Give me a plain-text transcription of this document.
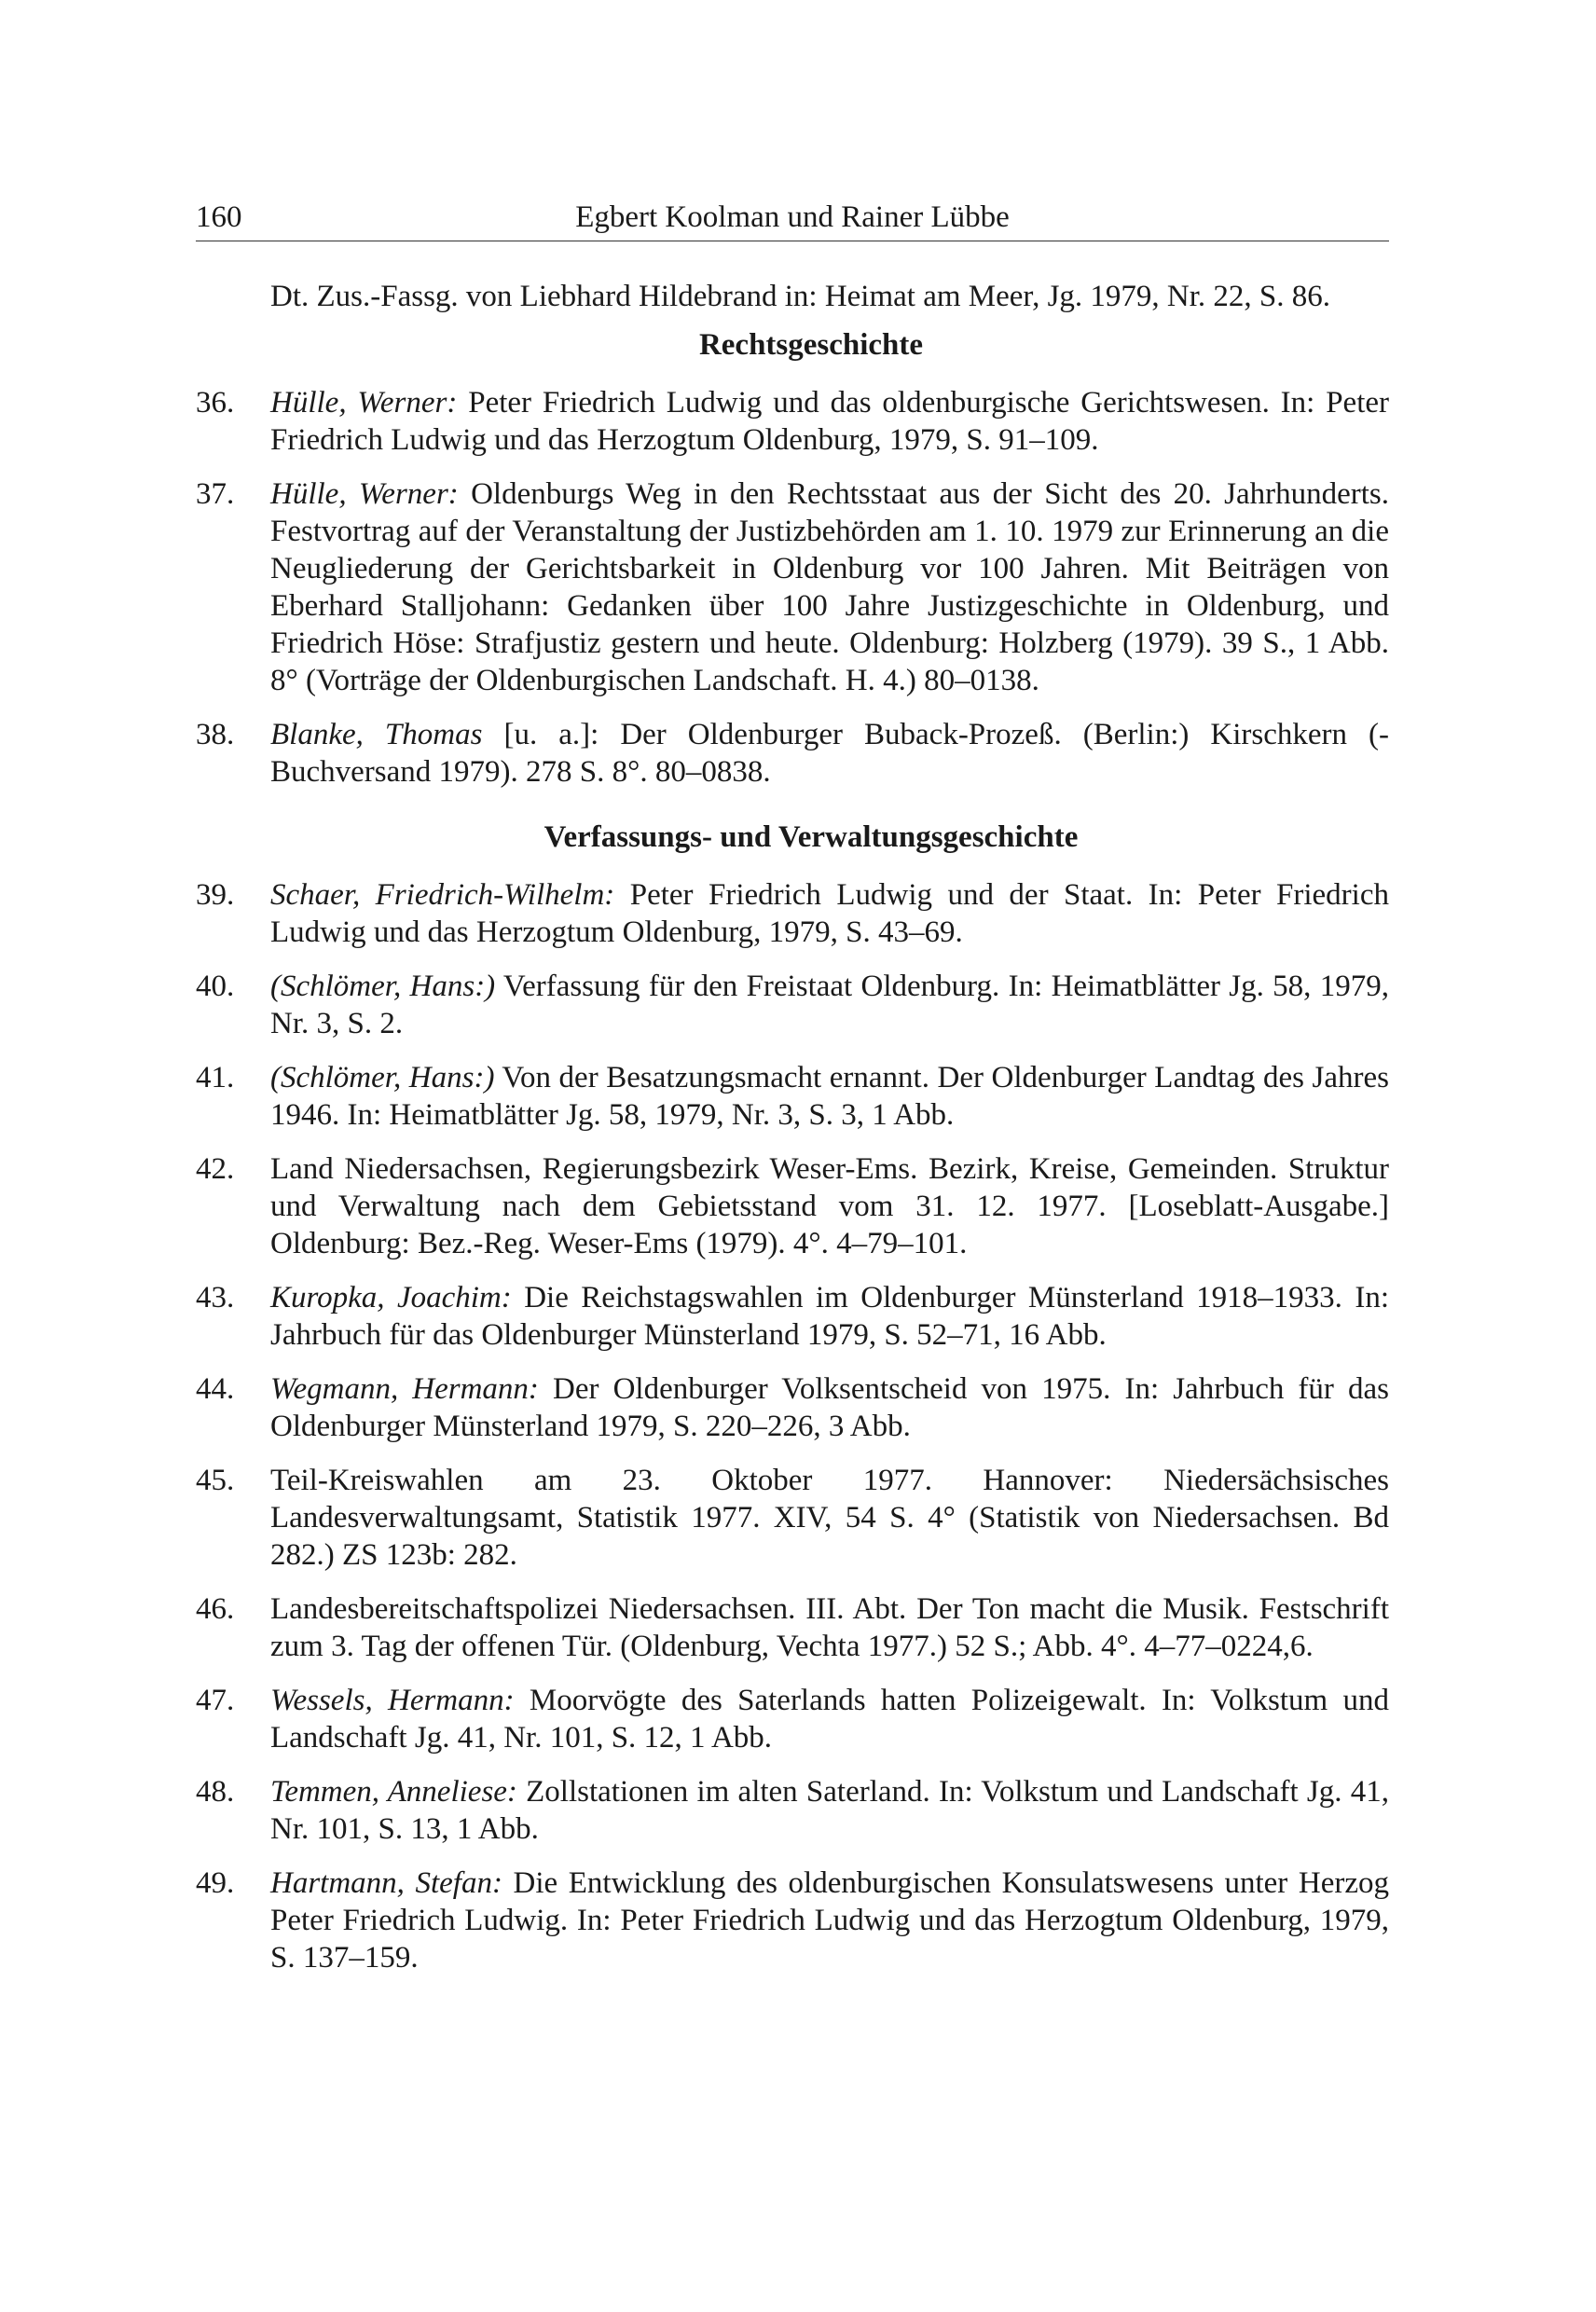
160	Egbert Koolman und Rainer Lübbe
Dt. Zus.-Fassg. von Liebhard Hildebrand in: Heimat am Meer, Jg. 1979, Nr. 22, S. 86.
Rechtsgeschichte
36. Hülle, Werner: Peter Friedrich Ludwig und das oldenburgische Gerichtswesen. In: Peter Friedrich Ludwig und das Herzogtum Oldenburg, 1979, S. 91–109.
37. Hülle, Werner: Oldenburgs Weg in den Rechtsstaat aus der Sicht des 20. Jahrhunderts. Festvortrag auf der Veranstaltung der Justizbehörden am 1. 10. 1979 zur Erinnerung an die Neugliederung der Gerichtsbarkeit in Oldenburg vor 100 Jahren. Mit Beiträgen von Eberhard Stalljohann: Gedanken über 100 Jahre Justizgeschichte in Oldenburg, und Friedrich Höse: Strafjustiz gestern und heute. Oldenburg: Holzberg (1979). 39 S., 1 Abb. 8° (Vorträge der Oldenburgischen Landschaft. H. 4.) 80–0138.
38. Blanke, Thomas [u. a.]: Der Oldenburger Buback-Prozeß. (Berlin:) Kirschkern (-Buchversand 1979). 278 S. 8°. 80–0838.
Verfassungs- und Verwaltungsgeschichte
39. Schaer, Friedrich-Wilhelm: Peter Friedrich Ludwig und der Staat. In: Peter Friedrich Ludwig und das Herzogtum Oldenburg, 1979, S. 43–69.
40. (Schlömer, Hans:) Verfassung für den Freistaat Oldenburg. In: Heimatblätter Jg. 58, 1979, Nr. 3, S. 2.
41. (Schlömer, Hans:) Von der Besatzungsmacht ernannt. Der Oldenburger Landtag des Jahres 1946. In: Heimatblätter Jg. 58, 1979, Nr. 3, S. 3, 1 Abb.
42. Land Niedersachsen, Regierungsbezirk Weser-Ems. Bezirk, Kreise, Gemeinden. Struktur und Verwaltung nach dem Gebietsstand vom 31. 12. 1977. [Loseblatt-Ausgabe.] Oldenburg: Bez.-Reg. Weser-Ems (1979). 4°. 4–79–101.
43. Kuropka, Joachim: Die Reichstagswahlen im Oldenburger Münsterland 1918–1933. In: Jahrbuch für das Oldenburger Münsterland 1979, S. 52–71, 16 Abb.
44. Wegmann, Hermann: Der Oldenburger Volksentscheid von 1975. In: Jahrbuch für das Oldenburger Münsterland 1979, S. 220–226, 3 Abb.
45. Teil-Kreiswahlen am 23. Oktober 1977. Hannover: Niedersächsisches Landesverwaltungsamt, Statistik 1977. XIV, 54 S. 4° (Statistik von Niedersachsen. Bd 282.) ZS 123b: 282.
46. Landesbereitschaftspolizei Niedersachsen. III. Abt. Der Ton macht die Musik. Festschrift zum 3. Tag der offenen Tür. (Oldenburg, Vechta 1977.) 52 S.; Abb. 4°. 4–77–0224,6.
47. Wessels, Hermann: Moorvögte des Saterlands hatten Polizeigewalt. In: Volkstum und Landschaft Jg. 41, Nr. 101, S. 12, 1 Abb.
48. Temmen, Anneliese: Zollstationen im alten Saterland. In: Volkstum und Landschaft Jg. 41, Nr. 101, S. 13, 1 Abb.
49. Hartmann, Stefan: Die Entwicklung des oldenburgischen Konsulatswesens unter Herzog Peter Friedrich Ludwig. In: Peter Friedrich Ludwig und das Herzogtum Oldenburg, 1979, S. 137–159.
